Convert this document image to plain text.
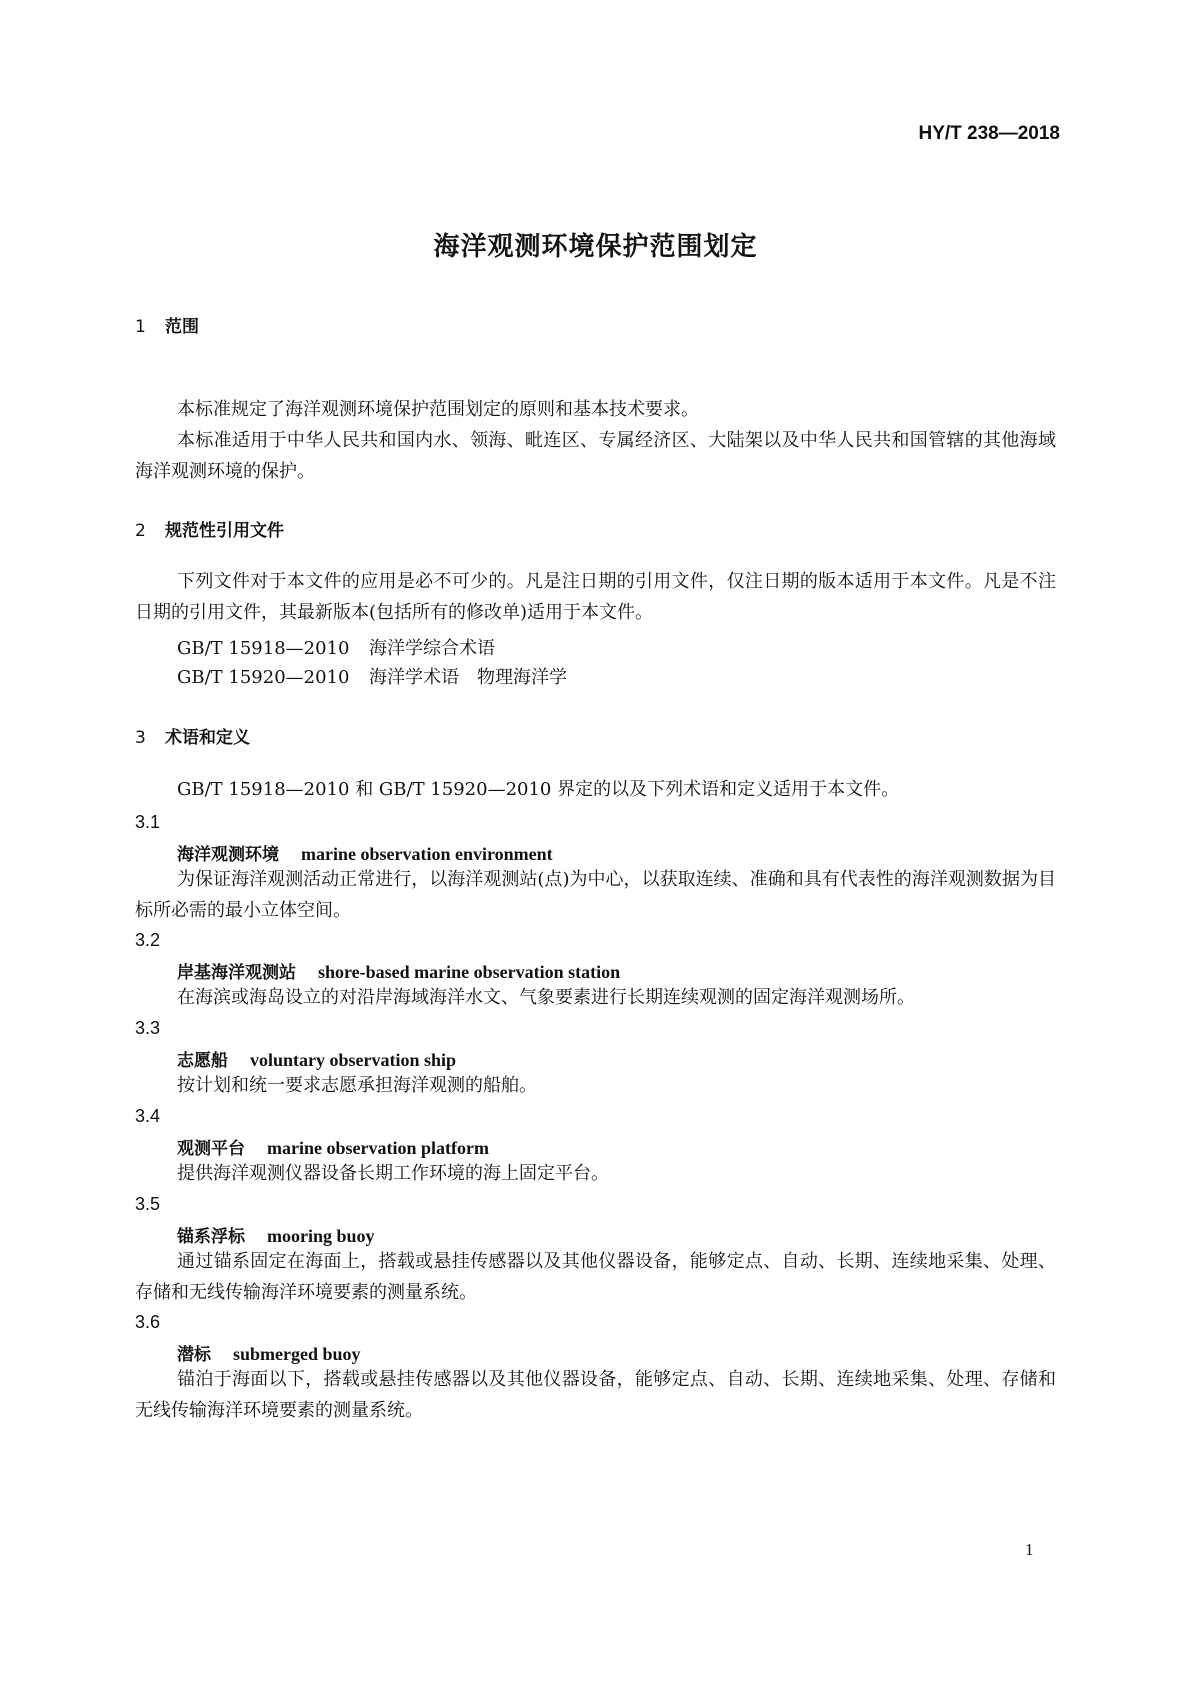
HY/T 238—2018
海洋观测环境保护范围划定
1 范围
本标准规定了海洋观测环境保护范围划定的原则和基本技术要求。
本标准适用于中华人民共和国内水、领海、毗连区、专属经济区、大陆架以及中华人民共和国管辖的其他海域海洋观测环境的保护。
2 规范性引用文件
下列文件对于本文件的应用是必不可少的。凡是注日期的引用文件，仅注日期的版本适用于本文件。凡是不注日期的引用文件，其最新版本(包括所有的修改单)适用于本文件。
GB/T 15918—2010 海洋学综合术语
GB/T 15920—2010 海洋学术语　物理海洋学
3 术语和定义
GB/T 15918—2010 和 GB/T 15920—2010 界定的以及下列术语和定义适用于本文件。
3.1
海洋观测环境 marine observation environment
为保证海洋观测活动正常进行，以海洋观测站(点)为中心，以获取连续、准确和具有代表性的海洋观测数据为目标所必需的最小立体空间。
3.2
岸基海洋观测站 shore-based marine observation station
在海滨或海岛设立的对沿岸海域海洋水文、气象要素进行长期连续观测的固定海洋观测场所。
3.3
志愿船 voluntary observation ship
按计划和统一要求志愿承担海洋观测的船舶。
3.4
观测平台 marine observation platform
提供海洋观测仪器设备长期工作环境的海上固定平台。
3.5
锚系浮标 mooring buoy
通过锚系固定在海面上，搭载或悬挂传感器以及其他仪器设备，能够定点、自动、长期、连续地采集、处理、存储和无线传输海洋环境要素的测量系统。
3.6
潜标 submerged buoy
锚泊于海面以下，搭载或悬挂传感器以及其他仪器设备，能够定点、自动、长期、连续地采集、处理、存储和无线传输海洋环境要素的测量系统。
1
